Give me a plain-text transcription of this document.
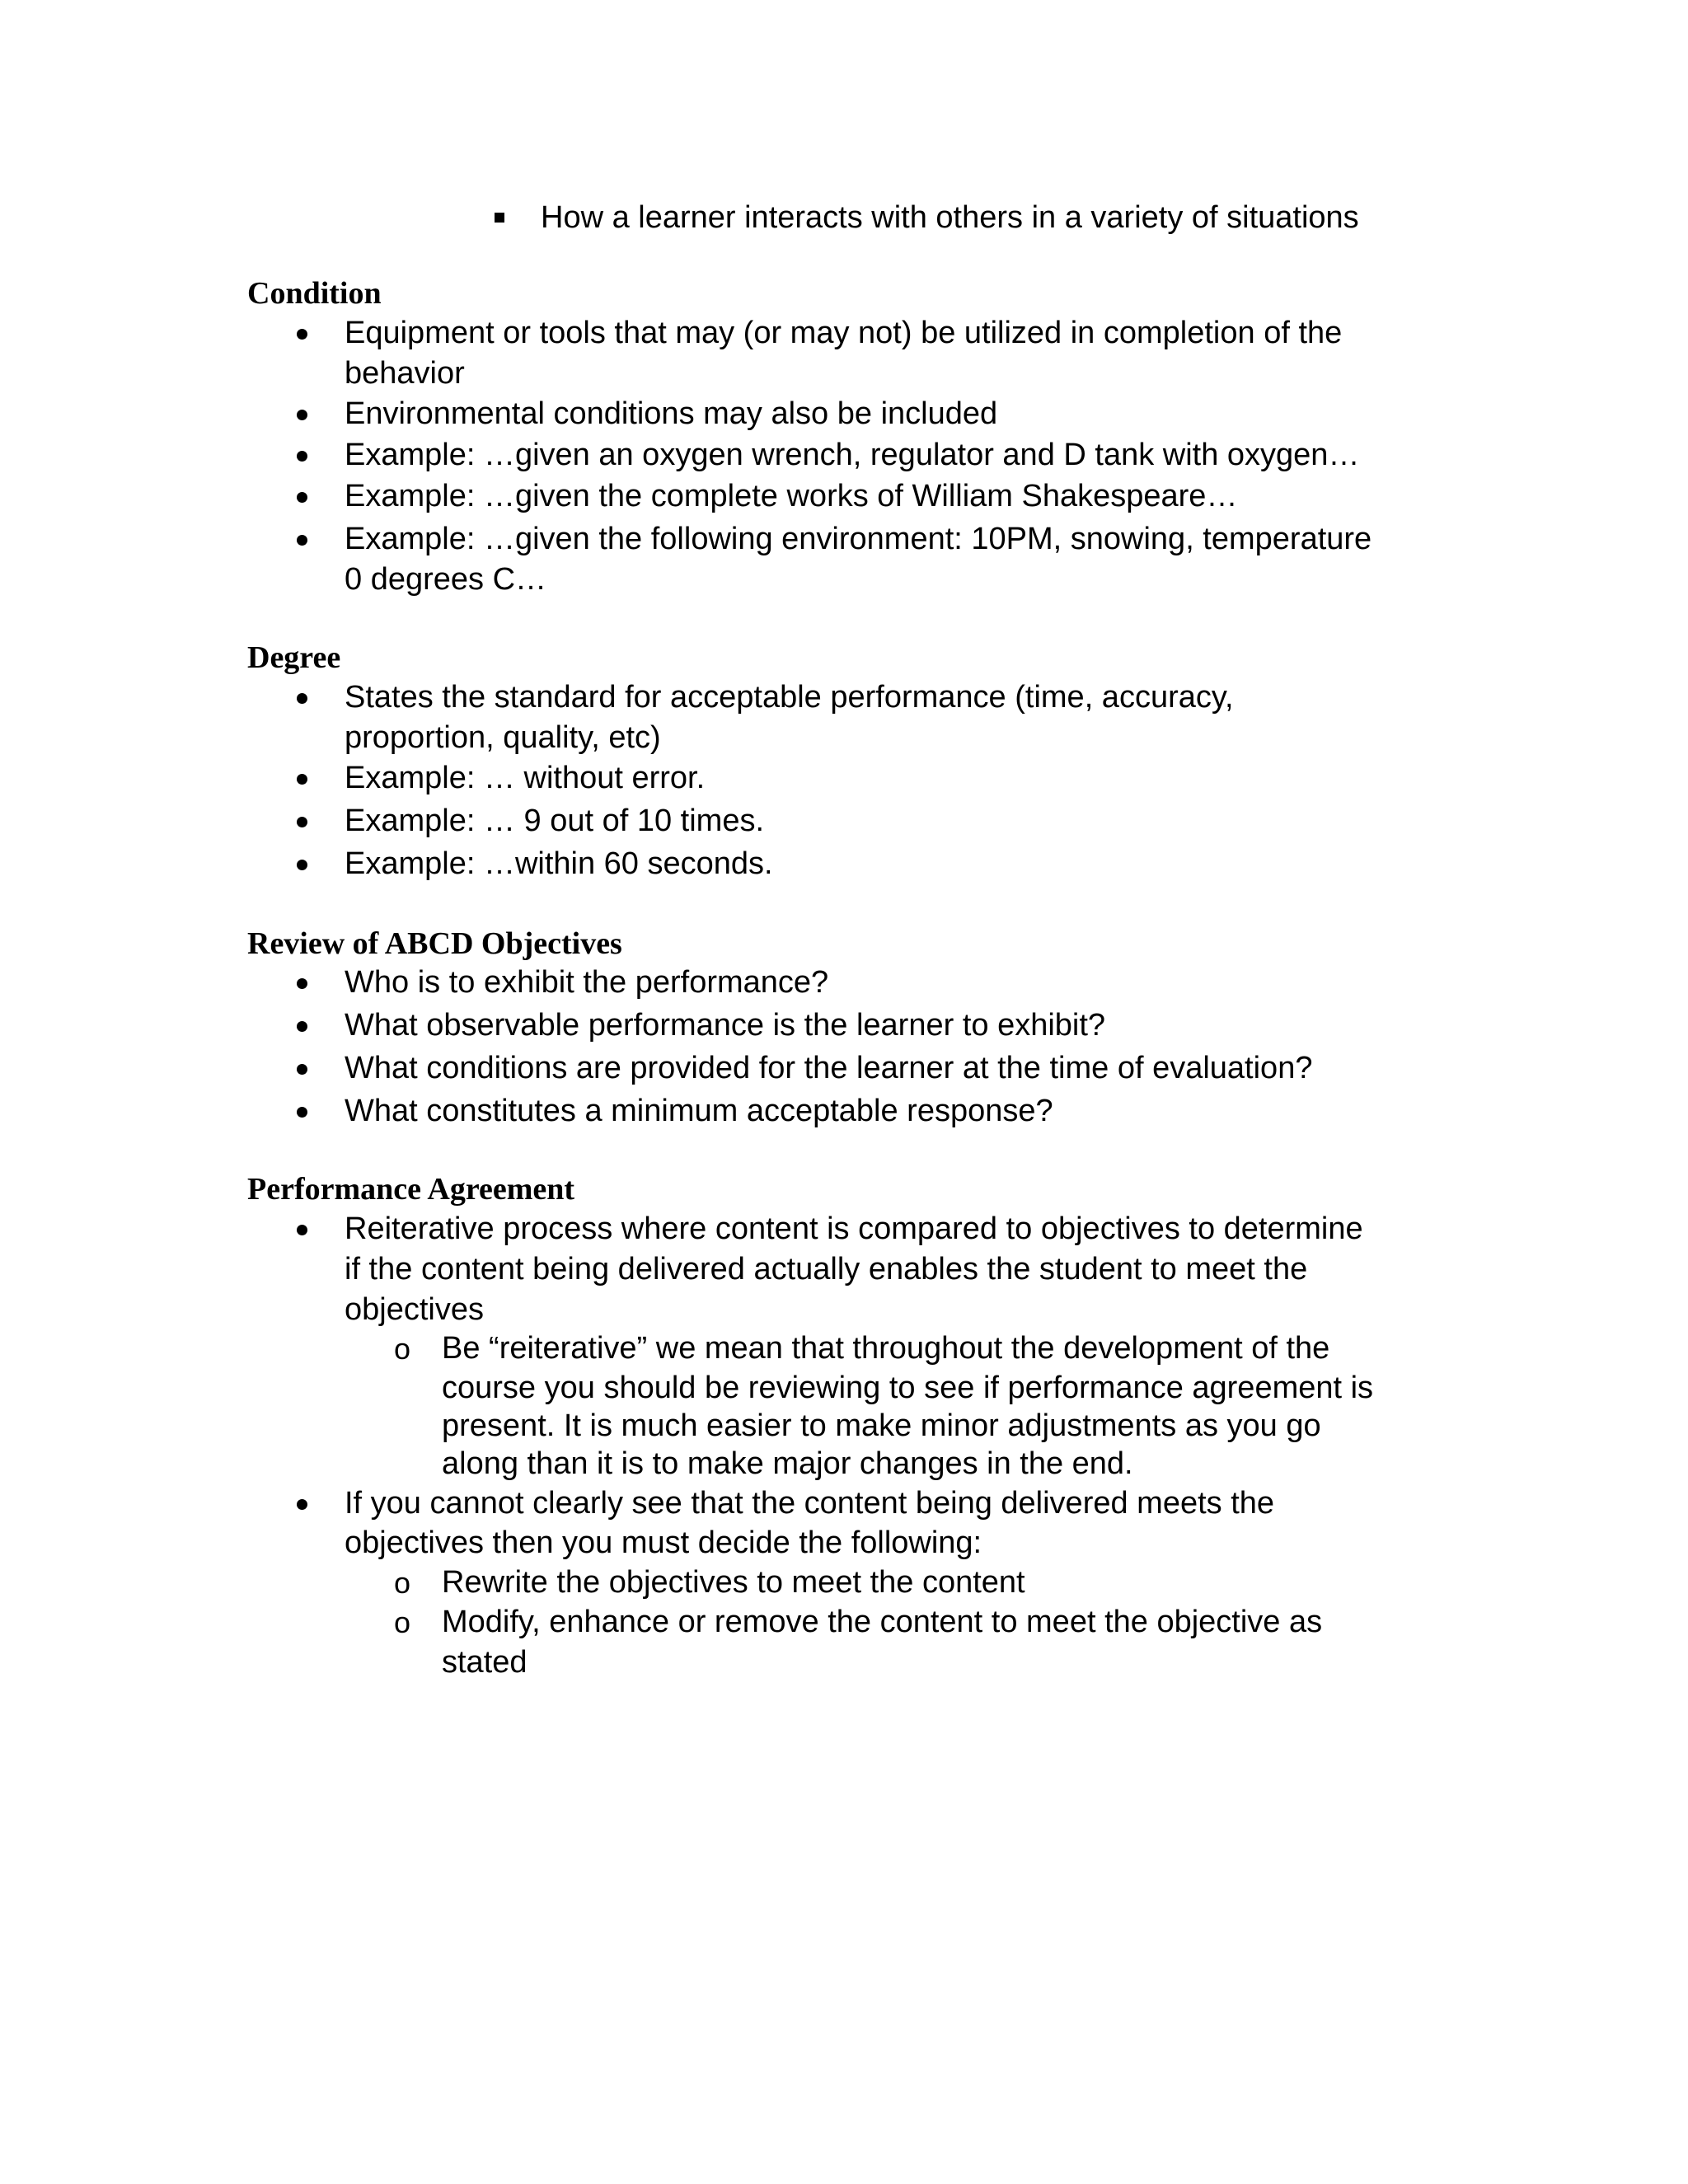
How a learner interacts with others in a variety of situations
Condition
Equipment or tools that may (or may not) be utilized in completion of the
behavior
Environmental conditions may also be included
Example: …given an oxygen wrench, regulator and D tank with oxygen…
Example: …given the complete works of William Shakespeare…
Example: …given the following environment: 10PM, snowing, temperature
0 degrees C…
Degree
States the standard for acceptable performance (time, accuracy,
proportion, quality, etc)
Example: … without error.
Example: … 9 out of 10 times.
Example: …within 60 seconds.
Review of ABCD Objectives
Who is to exhibit the performance?
What observable performance is the learner to exhibit?
What conditions are provided for the learner at the time of evaluation?
What constitutes a minimum acceptable response?
Performance Agreement
Reiterative process where content is compared to objectives to determine
if the content being delivered actually enables the student to meet the
objectives
o Be “reiterative” we mean that throughout the development of the
course you should be reviewing to see if performance agreement is
present. It is much easier to make minor adjustments as you go
along than it is to make major changes in the end.
If you cannot clearly see that the content being delivered meets the
objectives then you must decide the following:
o Rewrite the objectives to meet the content
o Modify, enhance or remove the content to meet the objective as
stated
